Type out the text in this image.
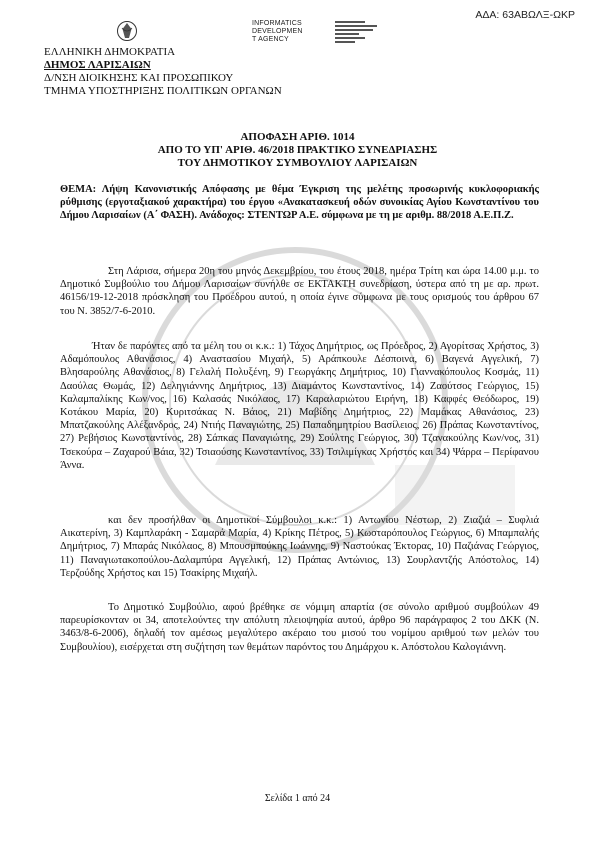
ΑΔΑ: 63ΑΒΩΛΞ-ΩΚΡ
INFORMATICS
DEVELOPMEN
T AGENCY
ΕΛΛΗΝΙΚΗ ΔΗΜΟΚΡΑΤΙΑ
ΔΗΜΟΣ ΛΑΡΙΣΑΙΩΝ
Δ/ΝΣΗ ΔΙΟΙΚΗΣΗΣ ΚΑΙ ΠΡΟΣΩΠΙΚΟΥ
ΤΜΗΜΑ ΥΠΟΣΤΗΡΙΞΗΣ ΠΟΛΙΤΙΚΩΝ ΟΡΓΑΝΩΝ
ΑΠΟΦΑΣΗ ΑΡΙΘ. 1014
ΑΠΟ ΤΟ ΥΠ' ΑΡΙΘ. 46/2018 ΠΡΑΚΤΙΚΟ ΣΥΝΕΔΡΙΑΣΗΣ
ΤΟΥ ΔΗΜΟΤΙΚΟΥ ΣΥΜΒΟΥΛΙΟΥ ΛΑΡΙΣΑΙΩΝ
ΘΕΜΑ: Λήψη Κανονιστικής Απόφασης με θέμα Έγκριση της μελέτης προσωρινής κυκλοφοριακής ρύθμισης (εργοταξιακού χαρακτήρα) του έργου «Ανακατασκευή οδών συνοικίας Αγίου Κωνσταντίνου του Δήμου Λαρισαίων (Α΄ ΦΑΣΗ). Ανάδοχος: ΣΤΕΝΤΩΡ Α.Ε. σύμφωνα με τη με αριθμ. 88/2018 Α.Ε.Π.Ζ.
Στη Λάρισα, σήμερα 20η του μηνός Δεκεμβρίου, του έτους 2018, ημέρα Τρίτη και ώρα 14.00 μ.μ. το Δημοτικό Συμβούλιο του Δήμου Λαρισαίων συνήλθε σε ΕΚΤΑΚΤΗ συνεδρίαση, ύστερα από τη με αρ. πρωτ. 46156/19-12-2018 πρόσκληση του Προέδρου αυτού, η οποία έγινε σύμφωνα με τους ορισμούς του άρθρου 67 του Ν. 3852/7-6-2010.
Ήταν δε παρόντες από τα μέλη του οι κ.κ.: 1) Τάχος Δημήτριος, ως Πρόεδρος, 2) Αγορίτσας Χρήστος, 3) Αδαμόπουλος Αθανάσιος, 4) Αναστασίου Μιχαήλ, 5) Αράπκουλε Δέσποινα, 6) Βαγενά Αγγελική, 7) Βλησαρούλης Αθανάσιος, 8) Γελαλή Πολυξένη, 9) Γεωργάκης Δημήτριος, 10) Γιαννακόπουλος Κοσμάς, 11) Δαούλας Θωμάς, 12) Δεληγιάννης Δημήτριος, 13) Διαμάντος Κωνσταντίνος, 14) Ζαούτσος Γεώργιος, 15) Καλαμπαλίκης Κων/νος, 16) Καλασάς Νικόλαος, 17) Καραλαριώτου Ειρήνη, 18) Καφφές Θεόδωρος, 19) Κοτάκου Μαρία, 20) Κυριτσάκας Ν. Βάιος, 21) Μαβίδης Δημήτριος, 22) Μαμάκας Αθανάσιος, 23) Μπατζακούλης Αλέξανδρος, 24) Ντιής Παναγιώτης, 25) Παπαδημητρίου Βασίλειος, 26) Πράπας Κωνσταντίνος, 27) Ρεβήσιος Κωνσταντίνος, 28) Σάπκας Παναγιώτης, 29) Σούλτης Γεώργιος, 30) Τζανακούλης Κων/νος, 31) Τσεκούρα – Ζαχαρού Βάια, 32) Τσιαούσης Κωνσταντίνος, 33) Τσιλιμίγκας Χρήστος και 34) Ψάρρα – Περίφανου Άννα.
και δεν προσήλθαν οι Δημοτικοί Σύμβουλοι κ.κ.: 1) Αντωνίου Νέστωρ, 2) Ζιαζιά – Συφλιά Αικατερίνη, 3) Καμπλαράκη - Σαμαρά Μαρία, 4) Κρίκης Πέτρος, 5) Κωσταρόπουλος Γεώργιος, 6) Μπαμπαλής Δημήτριος, 7) Μπαράς Νικόλαος, 8) Μπουσμπούκης Ιωάννης, 9) Ναστούκας Έκτορας, 10) Παζιάνας Γεώργιος, 11) Παναγιωτακοπούλου-Δαλαμπύρα Αγγελική, 12) Πράπας Αντώνιος, 13) Σουρλαντζής Απόστολος, 14) Τερζούδης Χρήστος και 15) Τσακίρης Μιχαήλ.
Το Δημοτικό Συμβούλιο, αφού βρέθηκε σε νόμιμη απαρτία (σε σύνολο αριθμού συμβούλων 49 παρευρίσκονταν οι 34, αποτελούντες την απόλυτη πλειοψηφία αυτού, άρθρο 96 παράγραφος 2 του ΔΚΚ (Ν. 3463/8-6-2006), δηλαδή τον αμέσως μεγαλύτερο ακέραιο του μισού του νομίμου αριθμού των μελών του Συμβουλίου), εισέρχεται στη συζήτηση των θεμάτων παρόντος του Δημάρχου κ. Απόστολου Καλογιάννη.
Σελίδα 1 από 24
